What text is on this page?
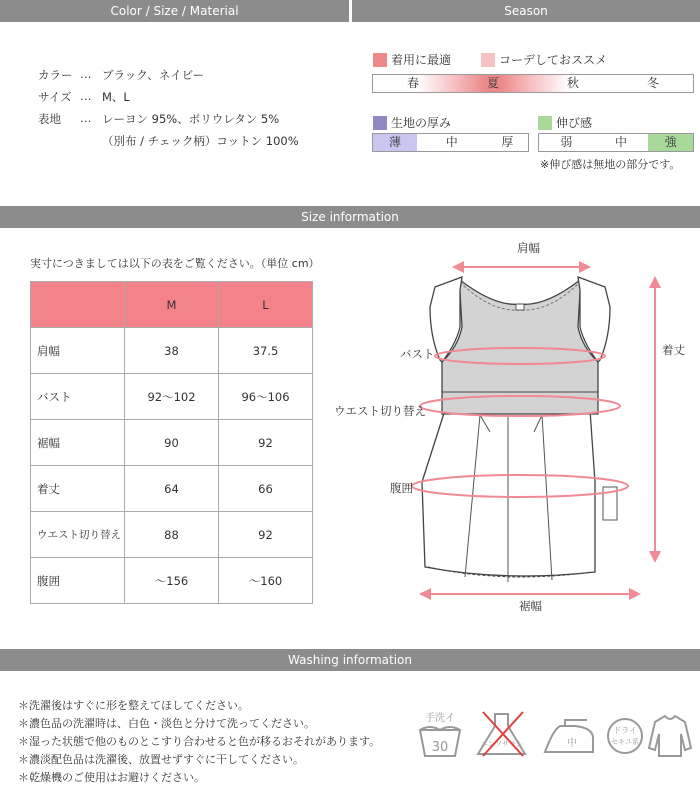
Color / Size / Material	Season
カラー … ブラック、ネイビー
サイズ … M、L
表地	… レーヨン 95%、ポリウレタン 5%
（別布 / チェック柄）コットン 100%
着用に最適	コーデしておススメ
春	夏	秋	冬
生地の厚み
薄	中	厚
伸び感
弱	中	強
※伸び感は無地の部分です。
Size information
実寸につきましては以下の表をご覧ください。（単位 cm）
	M	L
肩幅	38	37.5
バスト	92〜102	96〜106
裾幅	90	92
着丈	64	66
ウエスト切り替え	88	92
腹囲	〜156	〜160
肩幅
着丈
バスト
ウエスト切り替え
腹囲
裾幅
Washing information
＊洗濯後はすぐに形を整えてほしてください。
＊濃色品の洗濯時は、白色・淡色と分けて洗ってください。
＊湿った状態で他のものとこすり合わせると色が移るおそれがあります。
＊濃淡配色品は洗濯後、放置せずすぐに干してください。
＊乾燥機のご使用はお避けください。
手洗イ
30	エンソサラシ	中
ドライ
セキユ系
